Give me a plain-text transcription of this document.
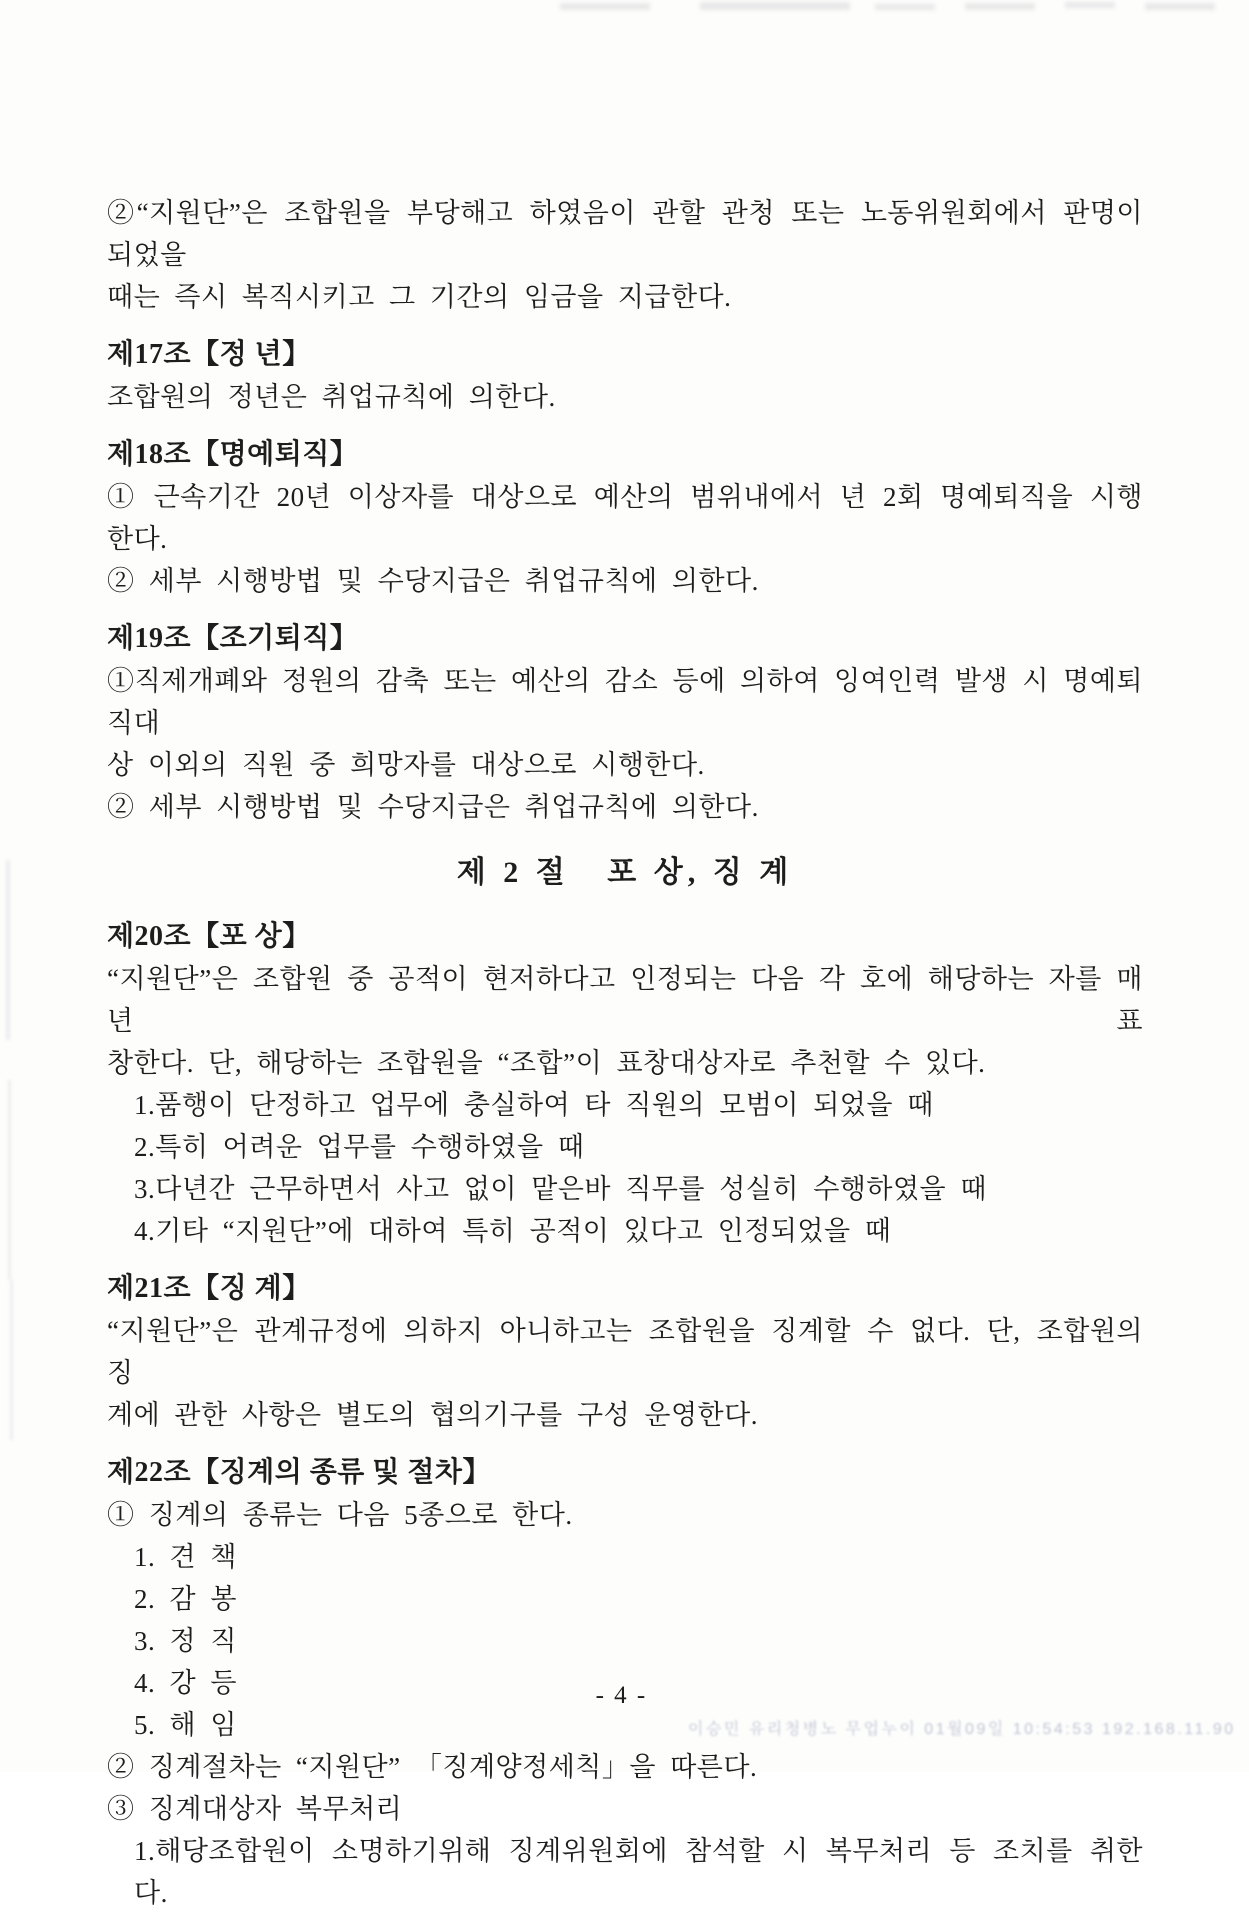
②“지원단”은 조합원을 부당해고 하였음이 관할 관청 또는 노동위원회에서 판명이 되었을
때는 즉시 복직시키고 그 기간의 임금을 지급한다.
제17조【정 년】
조합원의 정년은 취업규칙에 의한다.
제18조【명예퇴직】
① 근속기간 20년 이상자를 대상으로 예산의 범위내에서 년 2회 명예퇴직을 시행한다.
② 세부 시행방법 및 수당지급은 취업규칙에 의한다.
제19조【조기퇴직】
①직제개폐와 정원의 감축 또는 예산의 감소 등에 의하여 잉여인력 발생 시 명예퇴직대
상 이외의 직원 중 희망자를 대상으로 시행한다.
② 세부 시행방법 및 수당지급은 취업규칙에 의한다.
제 2 절   포 상, 징 계
제20조【포 상】
“지원단”은 조합원 중 공적이 현저하다고 인정되는 다음 각 호에 해당하는 자를 매년 표
창한다. 단, 해당하는 조합원을 “조합”이 표창대상자로 추천할 수 있다.
1.품행이 단정하고 업무에 충실하여 타 직원의 모범이 되었을 때
2.특히 어려운 업무를 수행하였을 때
3.다년간 근무하면서 사고 없이 맡은바 직무를 성실히 수행하였을 때
4.기타 “지원단”에 대하여 특히 공적이 있다고 인정되었을 때
제21조【징 계】
“지원단”은 관계규정에 의하지 아니하고는 조합원을 징계할 수 없다. 단, 조합원의 징
계에 관한 사항은 별도의 협의기구를 구성 운영한다.
제22조【징계의 종류 및 절차】
① 징계의 종류는 다음 5종으로 한다.
1. 견 책
2. 감 봉
3. 정 직
4. 강 등
5. 해 임
② 징계절차는 “지원단” 「징계양정세칙」을 따른다.
③ 징계대상자 복무처리
1.해당조합원이 소명하기위해 징계위원회에 참석할 시 복무처리 등 조치를 취한다.
- 4 -
이승민 유리청병노 무업누이 01월09일 10:54:53 192.168.11.90
